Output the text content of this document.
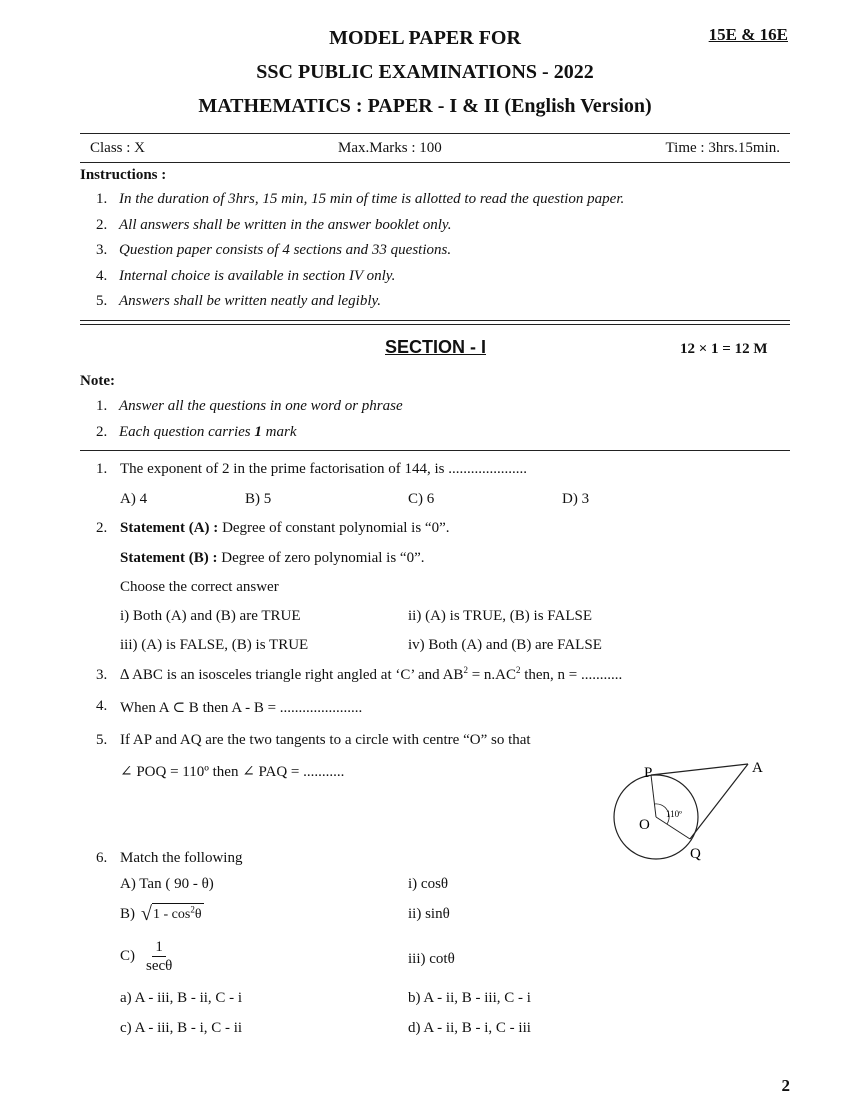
MODEL PAPER FOR
SSC PUBLIC EXAMINATIONS - 2022
MATHEMATICS : PAPER - I & II (English Version)
15E & 16E
Class : X	Max.Marks : 100	Time : 3hrs.15min.
Instructions :
1. In the duration of 3hrs, 15 min, 15 min of time is allotted to read the question paper.
2. All answers shall be written in the answer booklet only.
3. Question paper consists of 4 sections and 33 questions.
4. Internal choice is available in section IV only.
5. Answers shall be written neatly and legibly.
SECTION - I	12 × 1 = 12 M
Note:
1. Answer all the questions in one word or phrase
2. Each question carries 1 mark
1. The exponent of 2 in the prime factorisation of 144, is .....................
A) 4	B) 5	C) 6	D) 3
2. Statement (A) : Degree of constant polynomial is “0”.
Statement (B) : Degree of zero polynomial is “0”.
Choose the correct answer
i) Both (A) and (B) are TRUE	ii) (A) is TRUE, (B) is FALSE
iii) (A) is FALSE, (B) is TRUE	iv) Both (A) and (B) are FALSE
3. ∆ ABC is an isosceles triangle right angled at ‘C’ and $AB^2 = n.AC^2$ then, n = ...........
4. When A ⊂ B then A - B = ......................
5. If AP and AQ are the two tangents to a circle with centre “O” so that
∠ POQ = 110º then ∠ PAQ = ...........	P	A
O
Q
110º
6. Match the following
A) Tan ( 90 - θ)	i) cosθ
B) √ $1 - \cos^2\theta$	ii) sinθ
$C) \frac{1}{\sec\theta}$	iii) cotθ
a) A - iii, B - ii, C - i	b) A - ii, B - iii, C - i
c) A - iii, B - i, C - ii	d) A - ii, B - i, C - iii
2
